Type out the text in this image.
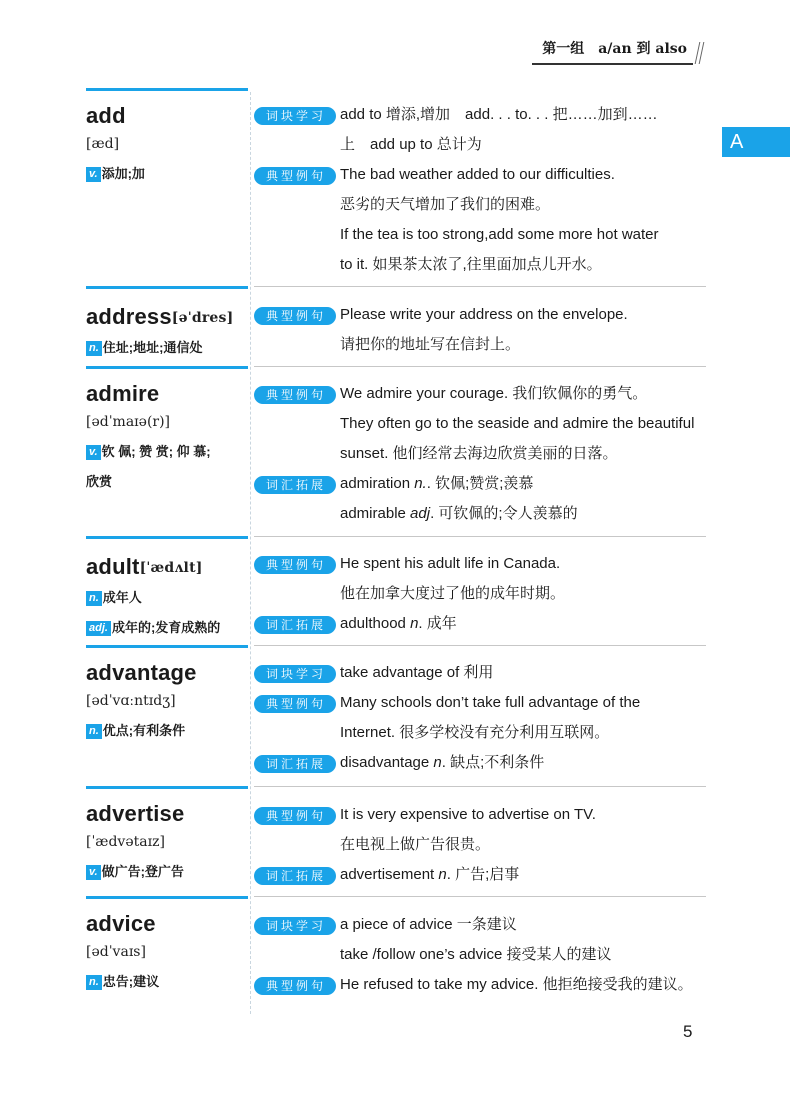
第一组　a/an 到 also
A
add
[æd]
v. 添加;加
词块学习 add to 增添,增加　add. . . to. . . 把……加到……
上　add up to 总计为
典型例句 The bad weather added to our difficulties.
恶劣的天气增加了我们的困难。
If the tea is too strong,add some more hot water
to it. 如果茶太浓了,往里面加点儿开水。
address[əˈdres]
n. 住址;地址;通信处
典型例句 Please write your address on the envelope.
请把你的地址写在信封上。
admire
[ədˈmaɪə(r)]
v. 钦 佩; 赞 赏; 仰 慕;
欣赏
典型例句 We admire your courage. 我们钦佩你的勇气。
They often go to the seaside and admire the beautiful
sunset. 他们经常去海边欣赏美丽的日落。
词汇拓展 admiration n.. 钦佩;赞赏;羡慕
admirable adj. 可钦佩的;令人羡慕的
adult[ˈædʌlt]
n. 成年人
adj. 成年的;发育成熟的
典型例句 He spent his adult life in Canada.
他在加拿大度过了他的成年时期。
词汇拓展 adulthood n. 成年
advantage
[ədˈvɑːntɪdʒ]
n. 优点;有利条件
词块学习 take advantage of 利用
典型例句 Many schools don’t take full advantage of the
Internet. 很多学校没有充分利用互联网。
词汇拓展 disadvantage n. 缺点;不利条件
advertise
[ˈædvətaɪz]
v. 做广告;登广告
典型例句 It is very expensive to advertise on TV.
在电视上做广告很贵。
词汇拓展 advertisement n. 广告;启事
advice
[ədˈvaɪs]
n. 忠告;建议
词块学习 a piece of advice 一条建议
take /follow one’s advice 接受某人的建议
典型例句 He refused to take my advice. 他拒绝接受我的建议。
5
